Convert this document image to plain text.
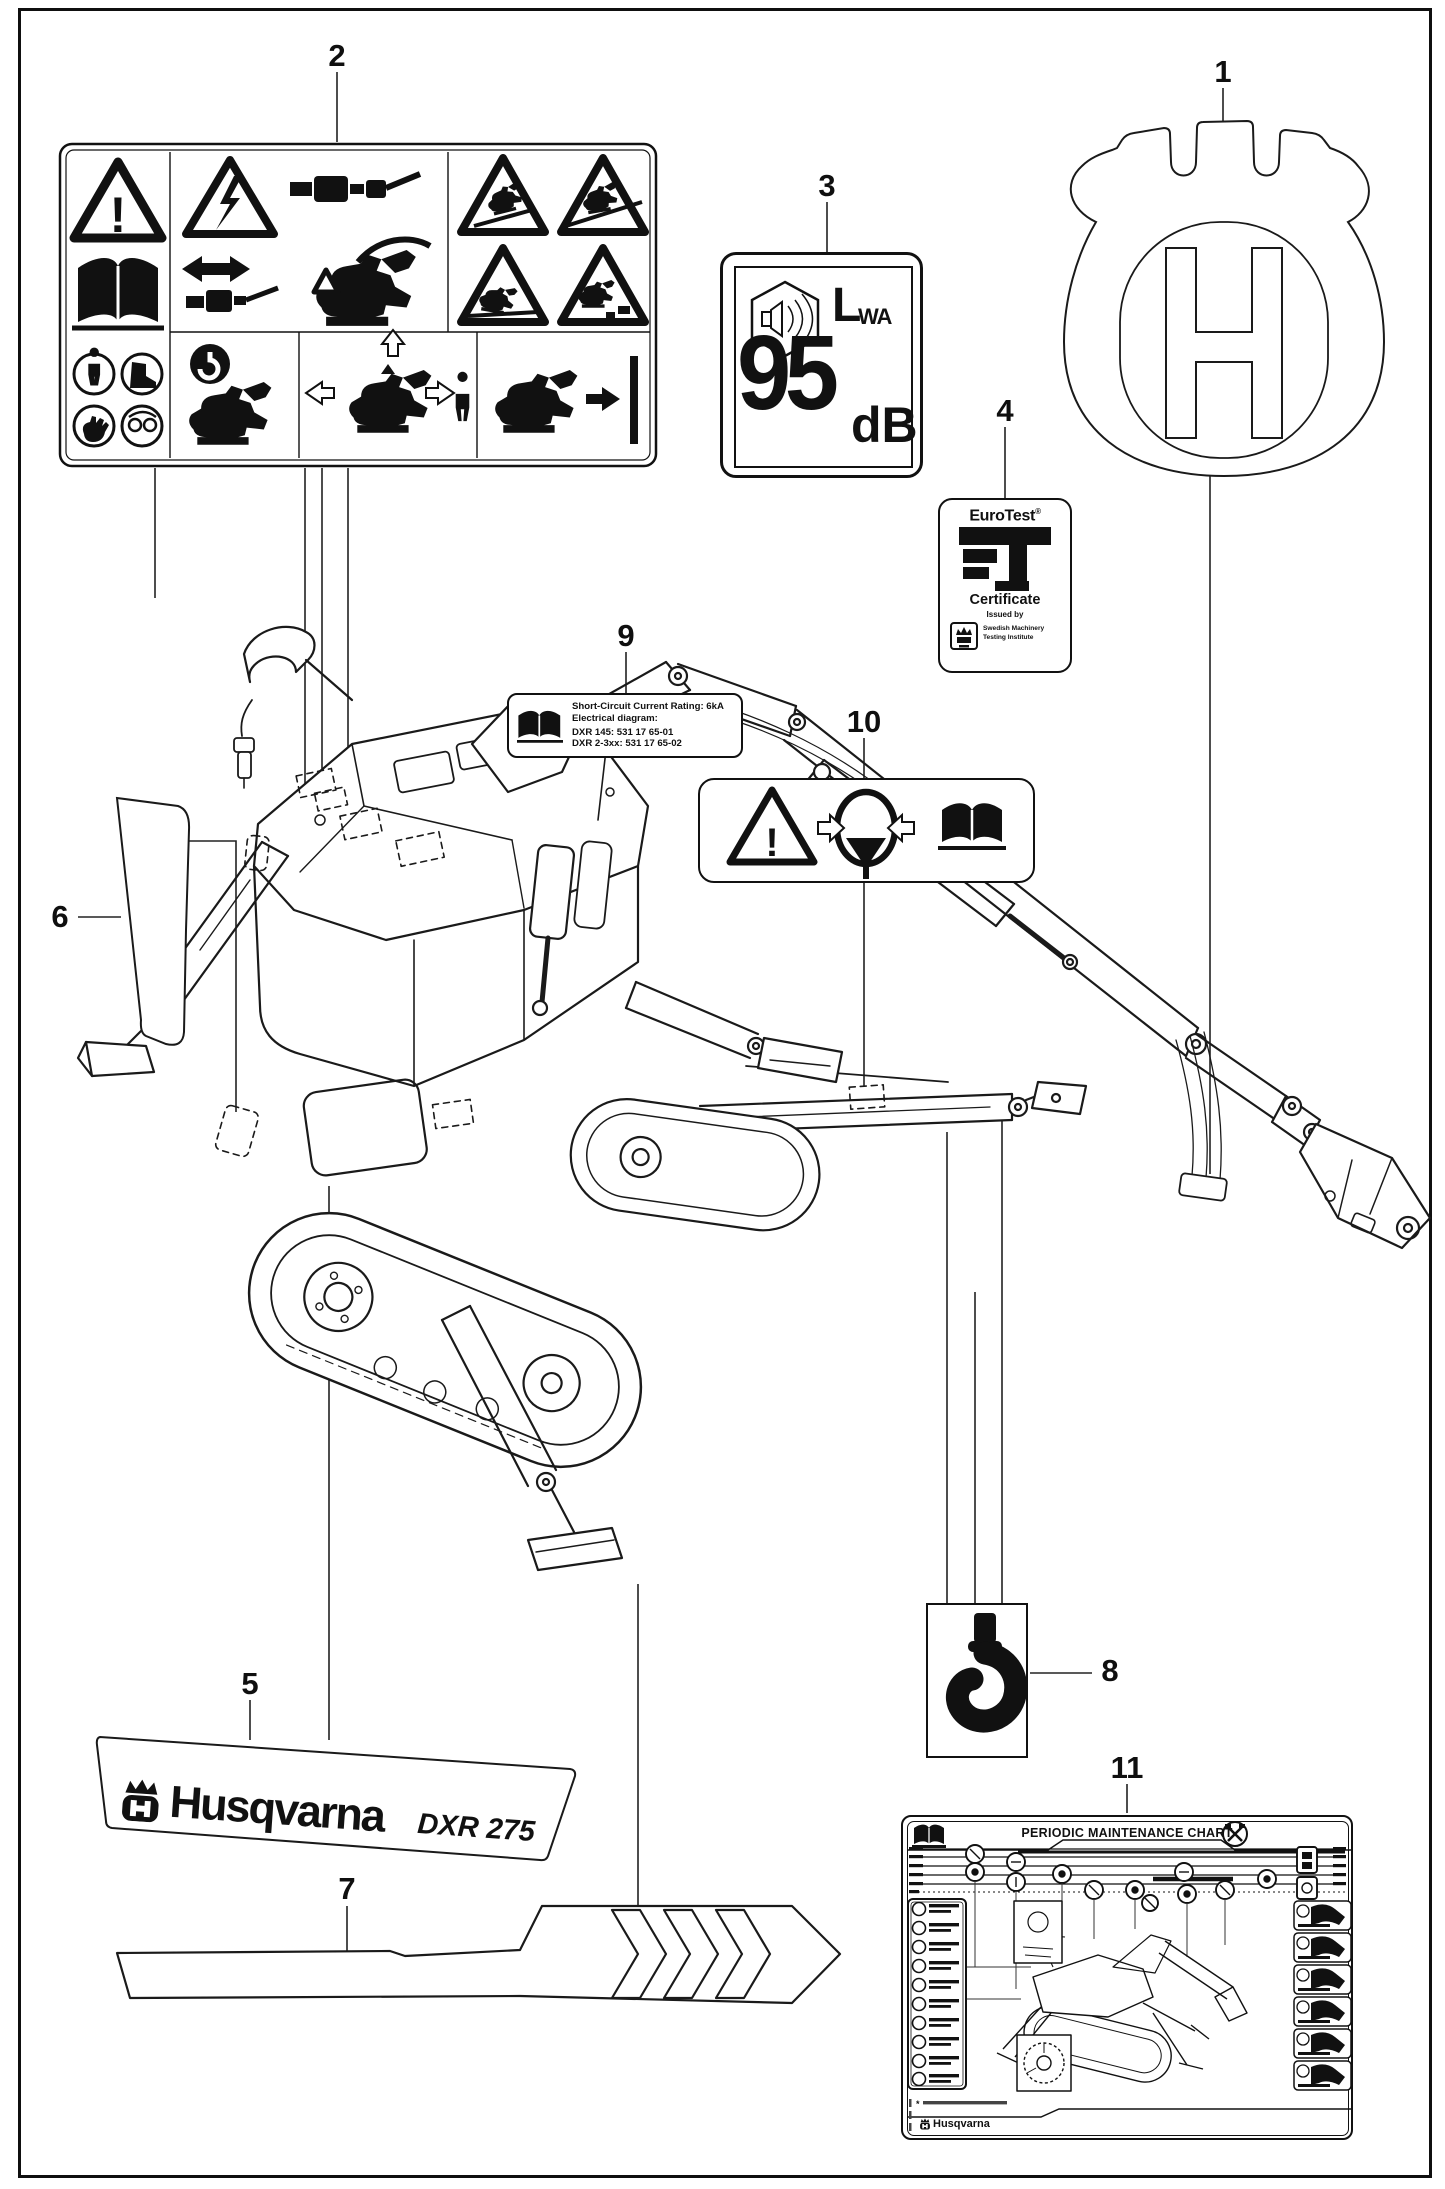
!
L
WA
95 dB
EuroTest®
Certificate
Issued by
Swedish Machinery
Testing Institute
Short-Circuit Current Rating: 6kA
Electrical diagram:
DXR 145: 531 17 65-01
DXR 2-3xx: 531 17 65-02
!
*
PERIODIC MAINTENANCE CHART
Husqvarna
Husqvarna DXR 275
1
2
3
4
5
6
7
8
9
10
11
